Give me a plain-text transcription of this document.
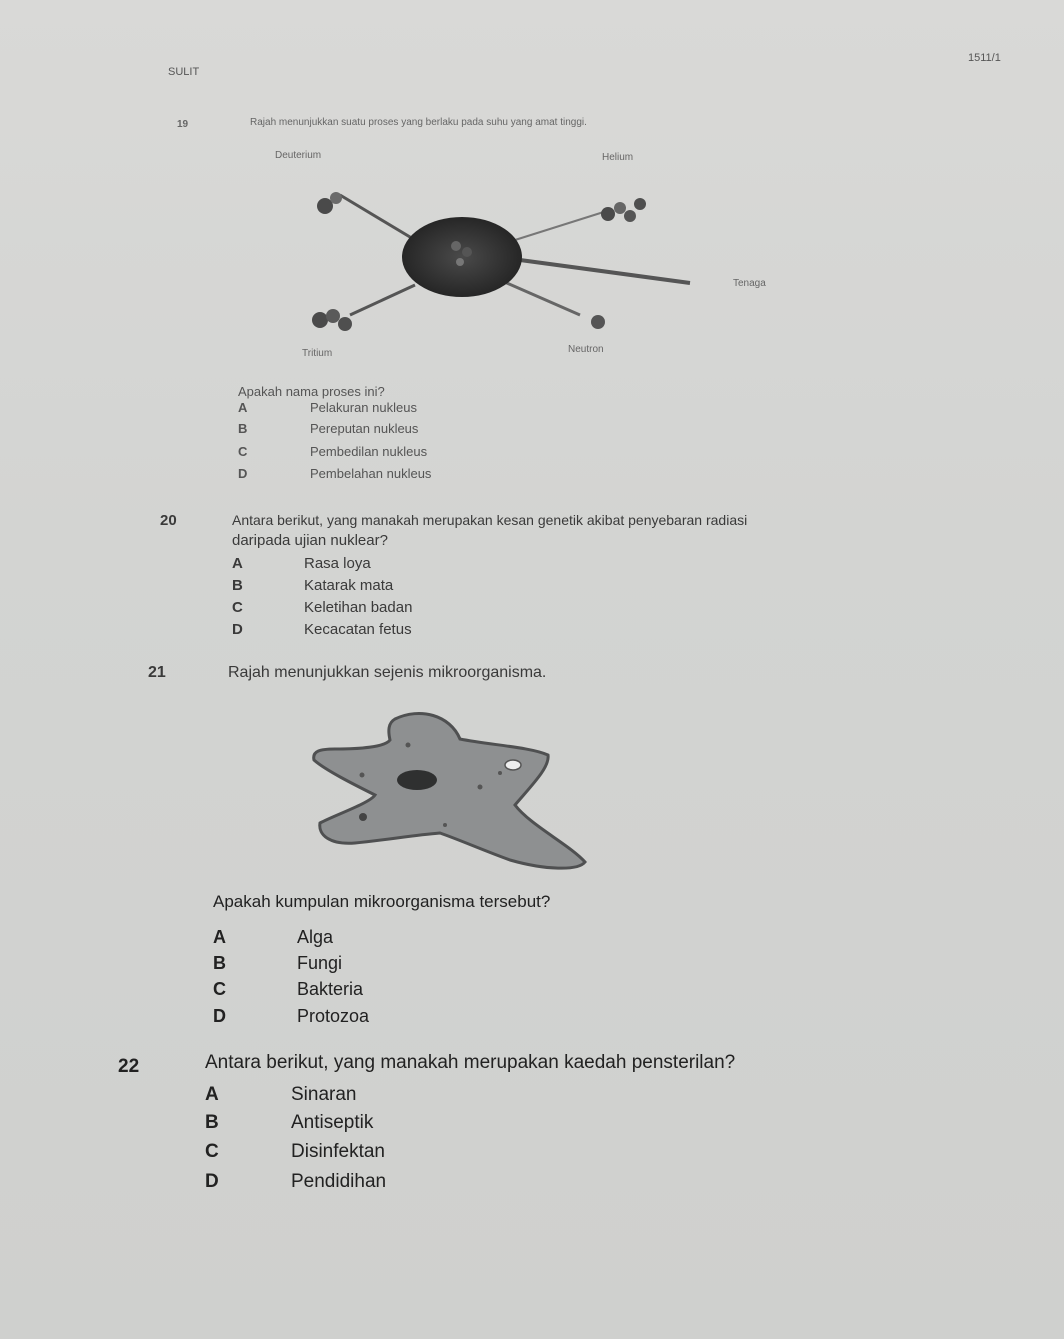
SULIT
1511/1
19	Rajah menunjukkan suatu proses yang berlaku pada suhu yang amat tinggi.
Deuterium	Helium
Tenaga
Tritium	Neutron
Apakah nama proses ini?
A	Pelakuran nukleus
B	Pereputan nukleus
C	Pembedilan nukleus
D	Pembelahan nukleus
20	Antara berikut, yang manakah merupakan kesan genetik akibat penyebaran radiasi
daripada ujian nuklear?
A	Rasa loya
B	Katarak mata
C	Keletihan badan
D	Kecacatan fetus
21	Rajah menunjukkan sejenis mikroorganisma.
Apakah kumpulan mikroorganisma tersebut?
A	Alga
B	Fungi
C	Bakteria
D	Protozoa
22	Antara berikut, yang manakah merupakan kaedah pensterilan?
A	Sinaran
B	Antiseptik
C	Disinfektan
D	Pendidihan
